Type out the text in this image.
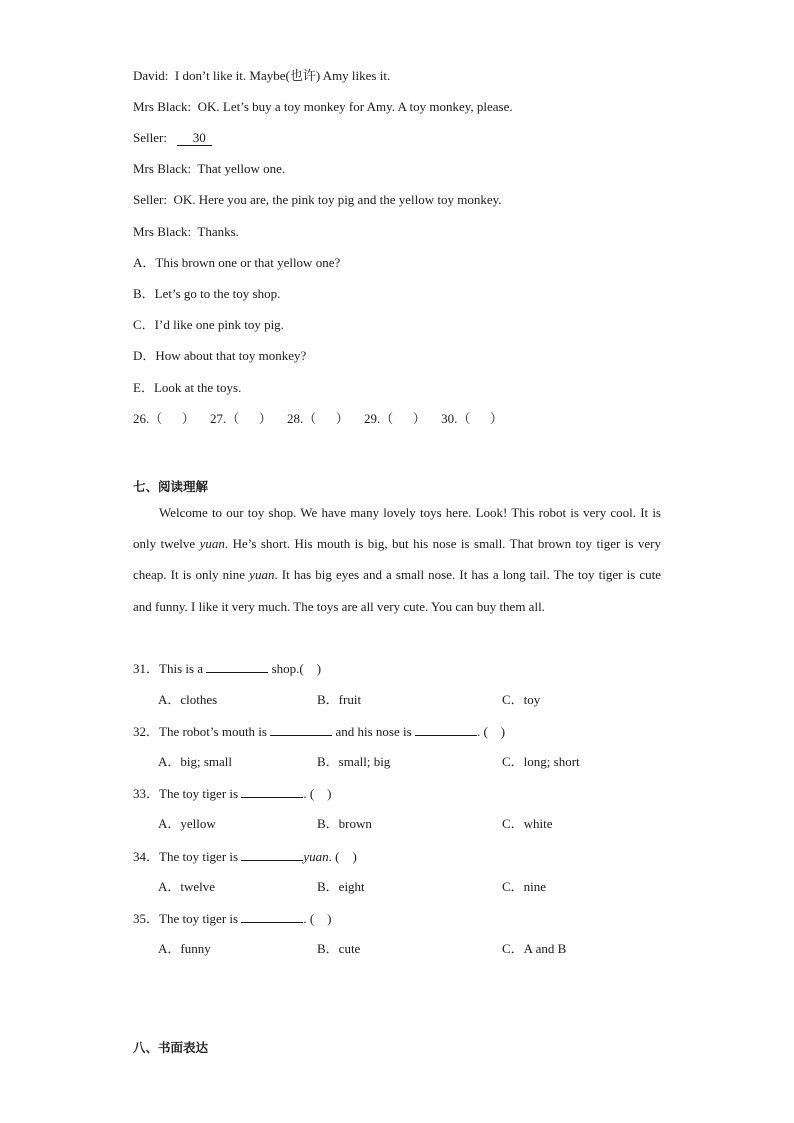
David: I don’t like it. Maybe(也许) Amy likes it.
Mrs Black: OK. Let’s buy a toy monkey for Amy. A toy monkey, please.
Seller: 30
Mrs Black: That yellow one.
Seller: OK. Here you are, the pink toy pig and the yellow toy monkey.
Mrs Black: Thanks.
A．This brown one or that yellow one?
B．Let’s go to the toy shop.
C．I’d like one pink toy pig.
D．How about that toy monkey?
E．Look at the toys.
26.（      ） 27.（      ） 28.（      ） 29.（      ） 30.（      ）
七、阅读理解
Welcome to our toy shop. We have many lovely toys here. Look! This robot is very cool. It is only twelve yuan. He’s short. His mouth is big, but his nose is small. That brown toy tiger is very cheap. It is only nine yuan. It has big eyes and a small nose. It has a long tail. The toy tiger is cute and funny. I like it very much. The toys are all very cute. You can buy them all.
31．This is a	shop.(　)
A．clothes	B．fruit	C．toy
32．The robot’s mouth is	and his nose is	. (　)
A．big; small	B．small; big	C．long; short
33．The toy tiger is	. (　)
A．yellow	B．brown	C．white
34．The toy tiger is	yuan. (　)
A．twelve	B．eight	C．nine
35．The toy tiger is	. (　)
A．funny	B．cute	C．A and B
八、书面表达
